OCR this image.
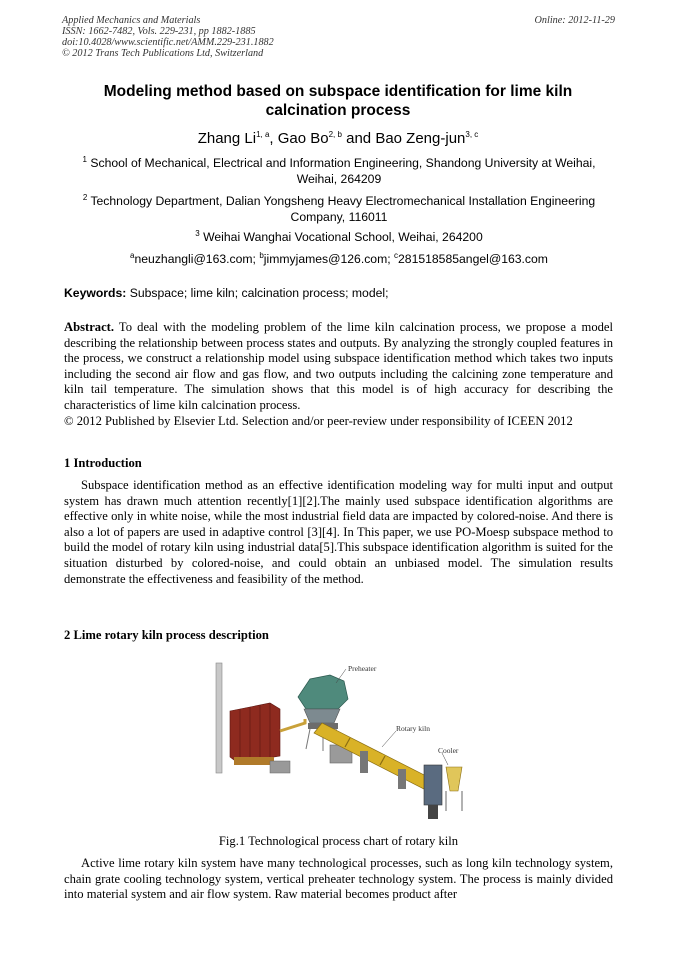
Applied Mechanics and Materials
ISSN: 1662-7482, Vols. 229-231, pp 1882-1885
doi:10.4028/www.scientific.net/AMM.229-231.1882
© 2012 Trans Tech Publications Ltd, Switzerland
Online: 2012-11-29
Modeling method based on subspace identification for lime kiln calcination process
Zhang Li$^{1, a}$, Gao Bo$^{2, b}$ and Bao Zeng-jun$^{3, c}$
$^1$ School of Mechanical, Electrical and Information Engineering, Shandong University at Weihai, Weihai, 264209
$^2$ Technology Department, Dalian Yongsheng Heavy Electromechanical Installation Engineering Company, 116011
$^3$ Weihai Wanghai Vocational School, Weihai, 264200
$^a$neuzhangli@163.com; $^b$jimmyjames@126.com; $^c$281518585angel@163.com
Keywords: Subspace; lime kiln; calcination process; model;
Abstract. To deal with the modeling problem of the lime kiln calcination process, we propose a model describing the relationship between process states and outputs. By analyzing the strongly coupled features in the process, we construct a relationship model using subspace identification method which takes two inputs including the second air flow and gas flow, and two outputs including the calcining zone temperature and kiln tail temperature. The simulation shows that this model is of high accuracy for describing the characteristics of lime kiln calcination process.
© 2012 Published by Elsevier Ltd. Selection and/or peer-review under responsibility of ICEEN 2012
1 Introduction
Subspace identification method as an effective identification modeling way for multi input and output system has drawn much attention recently[1][2].The mainly used subspace identification algorithms are effective only in white noise, while the most industrial field data are impacted by colored-noise. And there is also a lot of papers are used in adaptive control [3][4]. In This paper, we use PO-Moesp subspace method to build the model of rotary kiln using industrial data[5].This subspace identification algorithm is suited for the situation disturbed by colored-noise, and could obtain an unbiased model. The simulation results demonstrate the effectiveness and feasibility of the method.
2 Lime rotary kiln process description
Preheater
Rotary kiln
Cooler
Fig.1 Technological process chart of rotary kiln
Active lime rotary kiln system have many technological processes, such as long kiln technology system, chain grate cooling technology system, vertical preheater technology system. The process is mainly divided into material system and air flow system. Raw material becomes product after
